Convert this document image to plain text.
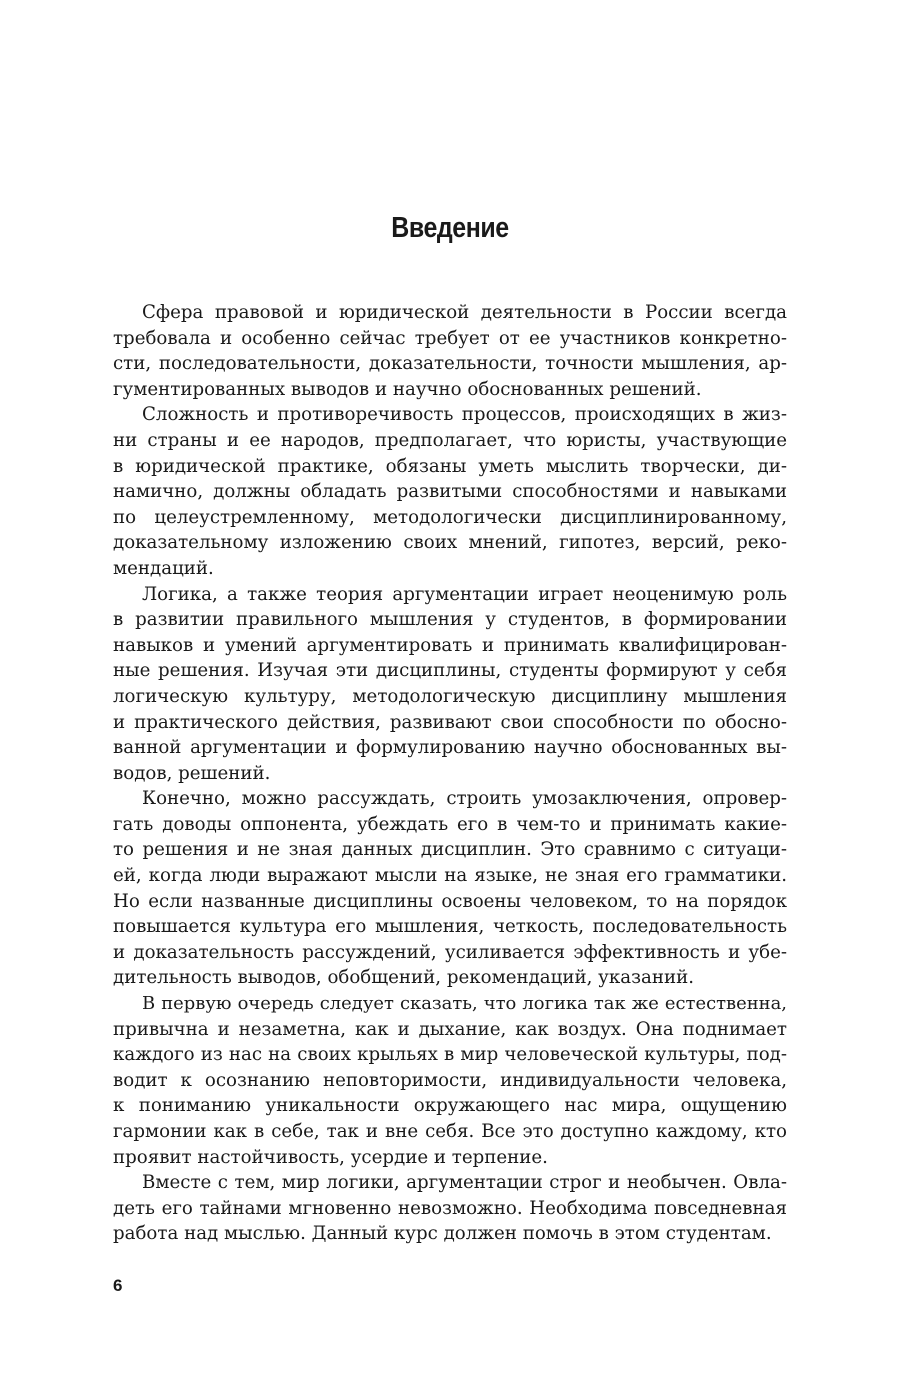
Введение
Сфера правовой и юридической деятельности в России всегда
требовала и особенно сейчас требует от ее участников конкретно-
сти, последовательности, доказательности, точности мышления, ар-
гументированных выводов и научно обоснованных решений.
Сложность и противоречивость процессов, происходящих в жиз-
ни страны и ее народов, предполагает, что юристы, участвующие
в юридической практике, обязаны уметь мыслить творчески, ди-
намично, должны обладать развитыми способностями и навыками
по целеустремленному, методологически дисциплинированному,
доказательному изложению своих мнений, гипотез, версий, реко-
мендаций.
Логика, а также теория аргументации играет неоценимую роль
в развитии правильного мышления у студентов, в формировании
навыков и умений аргументировать и принимать квалифицирован-
ные решения. Изучая эти дисциплины, студенты формируют у себя
логическую культуру, методологическую дисциплину мышления
и практического действия, развивают свои способности по обосно-
ванной аргументации и формулированию научно обоснованных вы-
водов, решений.
Конечно, можно рассуждать, строить умозаключения, опровер-
гать доводы оппонента, убеждать его в чем-то и принимать какие-
то решения и не зная данных дисциплин. Это сравнимо с ситуаци-
ей, когда люди выражают мысли на языке, не зная его грамматики.
Но если названные дисциплины освоены человеком, то на порядок
повышается культура его мышления, четкость, последовательность
и доказательность рассуждений, усиливается эффективность и убе-
дительность выводов, обобщений, рекомендаций, указаний.
В первую очередь следует сказать, что логика так же естественна,
привычна и незаметна, как и дыхание, как воздух. Она поднимает
каждого из нас на своих крыльях в мир человеческой культуры, под-
водит к осознанию неповторимости, индивидуальности человека,
к пониманию уникальности окружающего нас мира, ощущению
гармонии как в себе, так и вне себя. Все это доступно каждому, кто
проявит настойчивость, усердие и терпение.
Вместе с тем, мир логики, аргументации строг и необычен. Овла-
деть его тайнами мгновенно невозможно. Необходима повседневная
работа над мыслью. Данный курс должен помочь в этом студентам.
6
